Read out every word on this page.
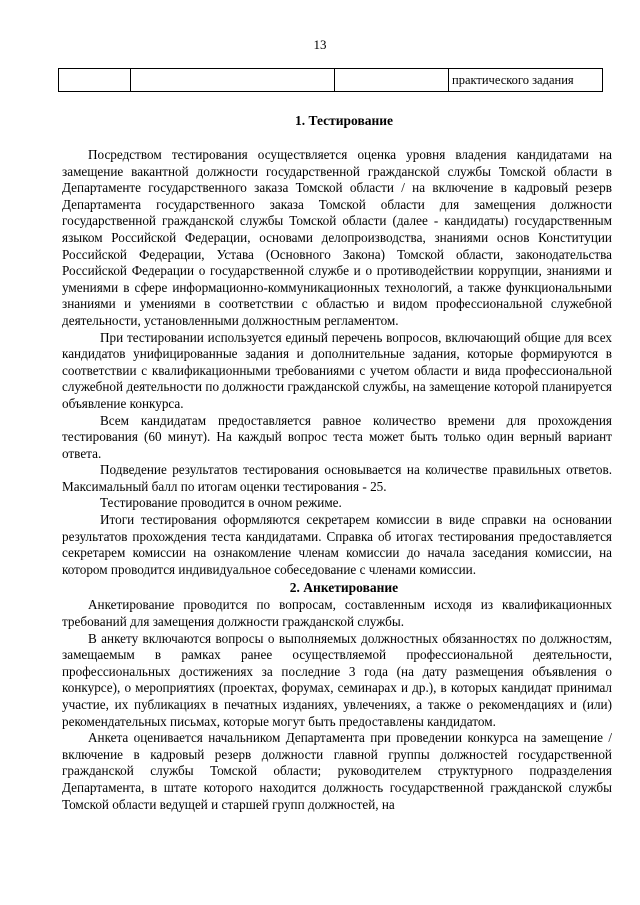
13
			практического задания
1. Тестирование

Посредством тестирования осуществляется оценка уровня владения кандидатами на замещение вакантной должности государственной гражданской службы Томской области в Департаменте государственного заказа Томской области / на включение в кадровый резерв Департамента государственного заказа Томской области для замещения должности государственной гражданской службы Томской области (далее - кандидаты) государственным языком Российской Федерации, основами делопроизводства, знаниями основ Конституции Российской Федерации, Устава (Основного Закона) Томской области, законодательства Российской Федерации о государственной службе и о противодействии коррупции, знаниями и умениями в сфере информационно-коммуникационных технологий, а также функциональными знаниями и умениями в соответствии с областью и видом профессиональной служебной деятельности, установленными должностным регламентом.

При тестировании используется единый перечень вопросов, включающий общие для всех кандидатов унифицированные задания и дополнительные задания, которые формируются в соответствии с квалификационными требованиями с учетом области и вида профессиональной служебной деятельности по должности гражданской службы, на замещение которой планируется объявление конкурса.

Всем кандидатам предоставляется равное количество времени для прохождения тестирования (60 минут). На каждый вопрос теста может быть только один верный вариант ответа.

Подведение результатов тестирования основывается на количестве правильных ответов. Максимальный балл по итогам оценки тестирования - 25.

Тестирование проводится в очном режиме.

Итоги тестирования оформляются секретарем комиссии в виде справки на основании результатов прохождения теста кандидатами. Справка об итогах тестирования предоставляется секретарем комиссии на ознакомление членам комиссии до начала заседания комиссии, на котором проводится индивидуальное собеседование с членами комиссии.

2. Анкетирование

Анкетирование проводится по вопросам, составленным исходя из квалификационных требований для замещения должности гражданской службы.

В анкету включаются вопросы о выполняемых должностных обязанностях по должностям, замещаемым в рамках ранее осуществляемой профессиональной деятельности, профессиональных достижениях за последние 3 года (на дату размещения объявления о конкурсе), о мероприятиях (проектах, форумах, семинарах и др.), в которых кандидат принимал участие, их публикациях в печатных изданиях, увлечениях, а также о рекомендациях и (или) рекомендательных письмах, которые могут быть предоставлены кандидатом.

Анкета оценивается начальником Департамента при проведении конкурса на замещение / включение в кадровый резерв должности главной группы должностей государственной гражданской службы Томской области; руководителем структурного подразделения Департамента, в штате которого находится должность государственной гражданской службы Томской области ведущей и старшей групп должностей, на
